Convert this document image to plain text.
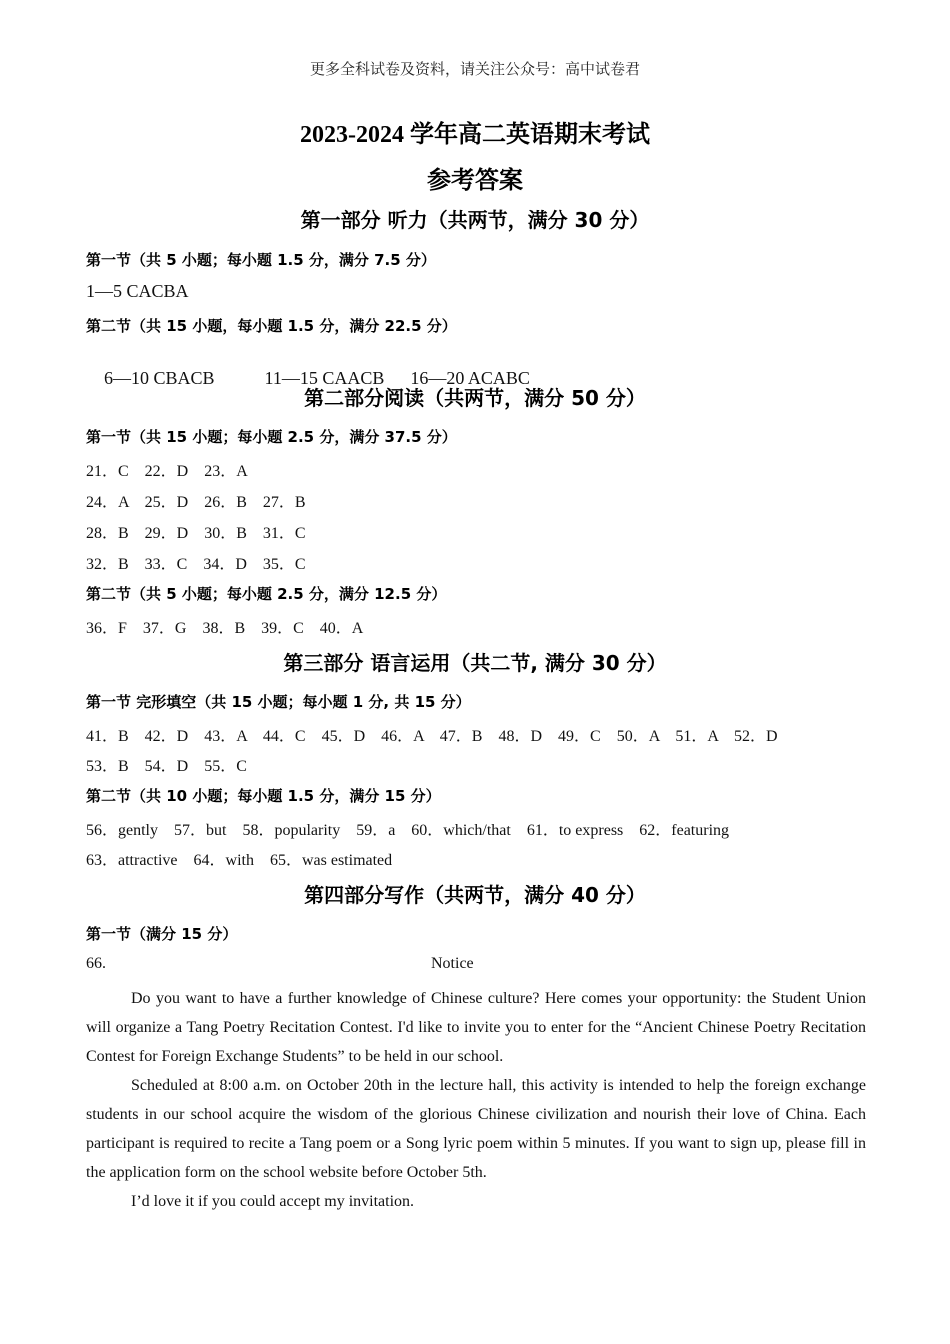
更多全科试卷及资料，请关注公众号：高中试卷君
2023-2024 学年高二英语期末考试
参考答案
第一部分 听力（共两节，满分 30 分）
第一节（共 5 小题；每小题 1.5 分，满分 7.5 分）
1—5 CACBA
第二节（共 15 小题，每小题 1.5 分，满分 22.5 分）

6—10 CBACB	11—15 CAACB 16—20 ACABC

第二部分阅读（共两节，满分 50 分）
第一节（共 15 小题；每小题 2.5 分，满分 37.5 分）
21．C    22．D    23．A
24．A    25．D    26．B    27．B
28．B    29．D    30．B    31．C
32．B    33．C    34．D    35．C
第二节（共 5 小题；每小题 2.5 分，满分 12.5 分）
36．F    37．G    38．B    39．C    40．A
第三部分 语言运用（共二节, 满分 30 分）
第一节 完形填空（共 15 小题；每小题 1 分, 共 15 分）
41．B    42．D    43．A    44．C    45．D    46．A    47．B    48．D    49．C    50．A    51．A    52．D
53．B    54．D    55．C
第二节（共 10 小题；每小题 1.5 分，满分 15 分）
56．gently    57．but    58．popularity    59．a    60．which/that    61．to express    62．featuring
63．attractive    64．with    65．was estimated
第四部分写作（共两节，满分 40 分）
第一节（满分 15 分）
66.	Notice
Do you want to have a further knowledge of Chinese culture? Here comes your opportunity: the Student Union will organize a Tang Poetry Recitation Contest. I'd like to invite you to enter for the “Ancient Chinese Poetry Recitation Contest for Foreign Exchange Students” to be held in our school.
Scheduled at 8:00 a.m. on October 20th in the lecture hall, this activity is intended to help the foreign exchange students in our school acquire the wisdom of the glorious Chinese civilization and nourish their love of China. Each participant is required to recite a Tang poem or a Song lyric poem within 5 minutes. If you want to sign up, please fill in the application form on the school website before October 5th.
I’d love it if you could accept my invitation.
